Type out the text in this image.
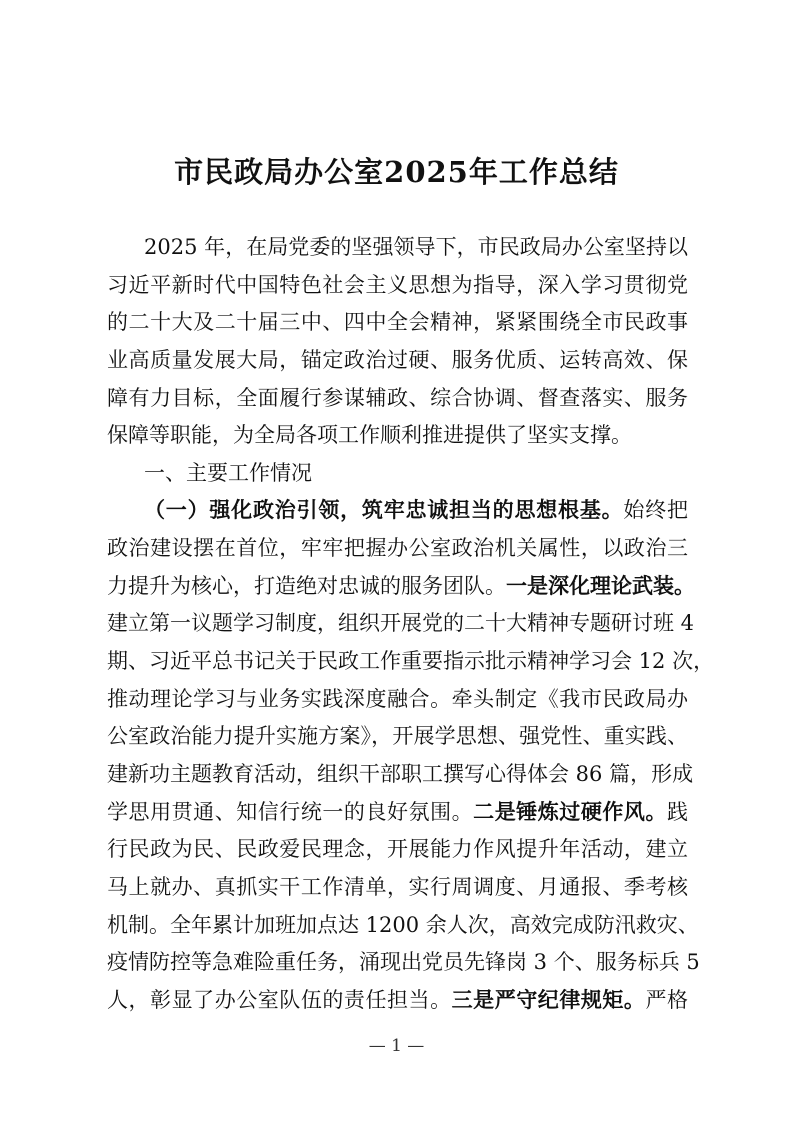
市民政局办公室2025年工作总结
2025 年，在局党委的坚强领导下，市民政局办公室坚持以
习近平新时代中国特色社会主义思想为指导，深入学习贯彻党
的二十大及二十届三中、四中全会精神，紧紧围绕全市民政事
业高质量发展大局，锚定政治过硬、服务优质、运转高效、保
障有力目标，全面履行参谋辅政、综合协调、督查落实、服务
保障等职能，为全局各项工作顺利推进提供了坚实支撑。
一、主要工作情况
（一）强化政治引领，筑牢忠诚担当的思想根基。始终把
政治建设摆在首位，牢牢把握办公室政治机关属性，以政治三
力提升为核心，打造绝对忠诚的服务团队。一是深化理论武装。
建立第一议题学习制度，组织开展党的二十大精神专题研讨班 4
期、习近平总书记关于民政工作重要指示批示精神学习会 12 次，
推动理论学习与业务实践深度融合。牵头制定《我市民政局办
公室政治能力提升实施方案》，开展学思想、强党性、重实践、
建新功主题教育活动，组织干部职工撰写心得体会 86 篇，形成
学思用贯通、知信行统一的良好氛围。二是锤炼过硬作风。践
行民政为民、民政爱民理念，开展能力作风提升年活动，建立
马上就办、真抓实干工作清单，实行周调度、月通报、季考核
机制。全年累计加班加点达 1200 余人次，高效完成防汛救灾、
疫情防控等急难险重任务，涌现出党员先锋岗 3 个、服务标兵 5
人，彰显了办公室队伍的责任担当。三是严守纪律规矩。严格
— 1 —
